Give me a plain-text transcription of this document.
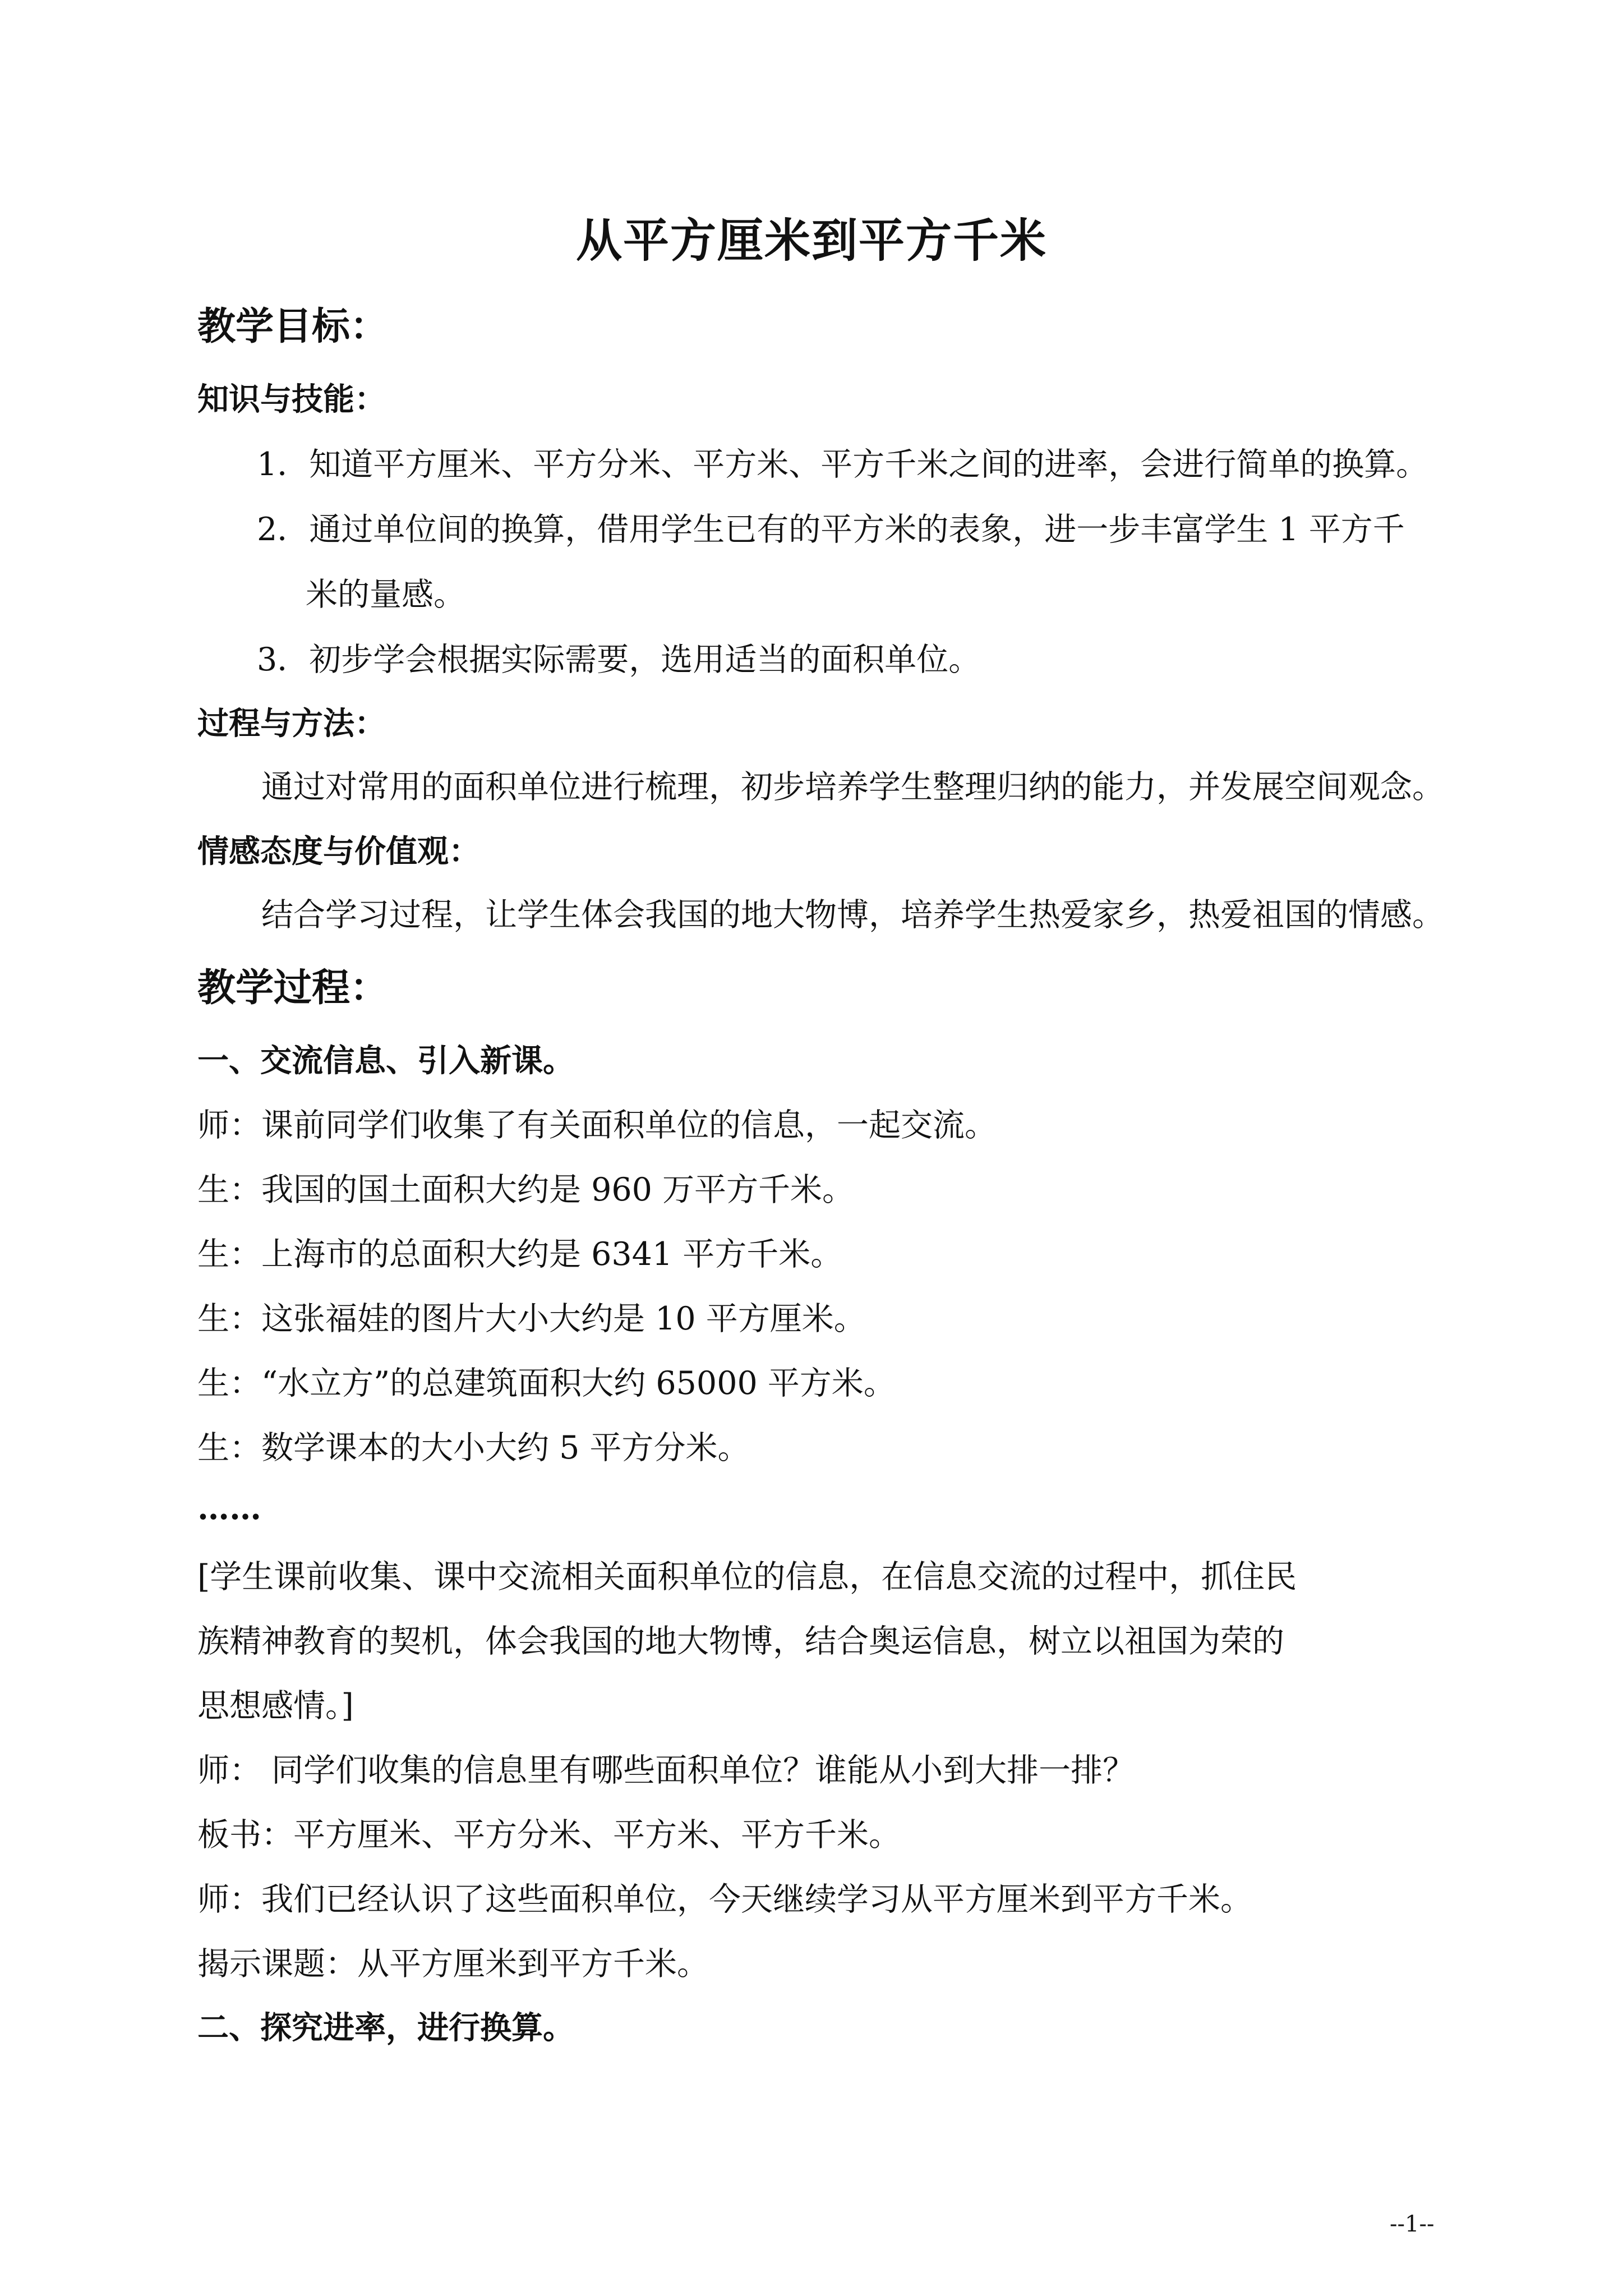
从平方厘米到平方千米
教学目标：
知识与技能：
1．知道平方厘米、平方分米、平方米、平方千米之间的进率，会进行简单的换算。
2．通过单位间的换算，借用学生已有的平方米的表象，进一步丰富学生 1 平方千
米的量感。
3．初步学会根据实际需要，选用适当的面积单位。
过程与方法：
通过对常用的面积单位进行梳理，初步培养学生整理归纳的能力，并发展空间观念。
情感态度与价值观：
结合学习过程，让学生体会我国的地大物博，培养学生热爱家乡，热爱祖国的情感。
教学过程：
一、交流信息、引入新课。
师：课前同学们收集了有关面积单位的信息，一起交流。
生：我国的国土面积大约是 960 万平方千米。
生：上海市的总面积大约是 6341 平方千米。
生：这张福娃的图片大小大约是 10 平方厘米。
生：“水立方”的总建筑面积大约 65000 平方米。
生：数学课本的大小大约 5 平方分米。
……
[学生课前收集、课中交流相关面积单位的信息，在信息交流的过程中，抓住民
族精神教育的契机，体会我国的地大物博，结合奥运信息，树立以祖国为荣的
思想感情。]
师： 同学们收集的信息里有哪些面积单位？谁能从小到大排一排？
板书：平方厘米、平方分米、平方米、平方千米。
师：我们已经认识了这些面积单位，今天继续学习从平方厘米到平方千米。
揭示课题：从平方厘米到平方千米。
二、探究进率，进行换算。
--1--
